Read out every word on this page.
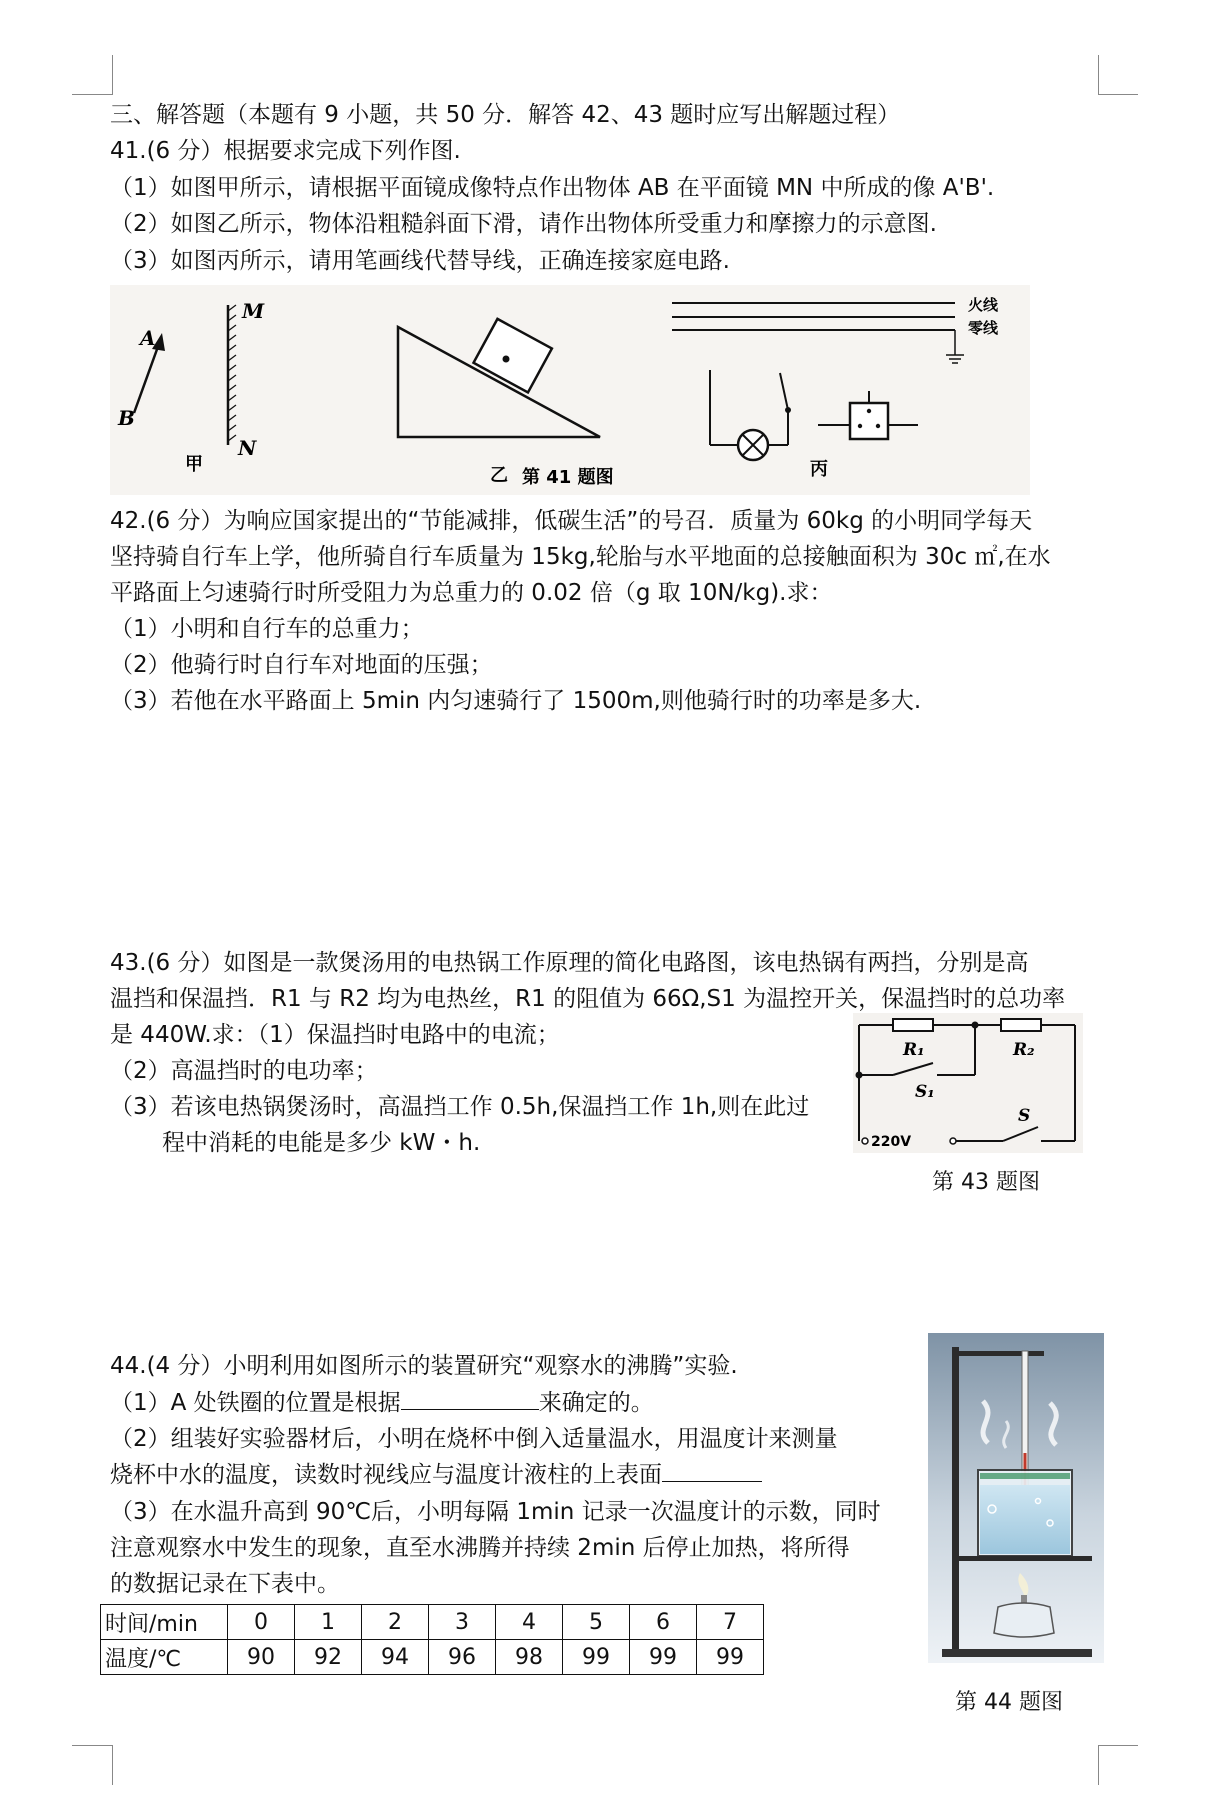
三、解答题（本题有 9 小题，共 50 分．解答 42、43 题时应写出解题过程）
41.(6 分）根据要求完成下列作图.
（1）如图甲所示，请根据平面镜成像特点作出物体 AB 在平面镜 MN 中所成的像 A'B'.
（2）如图乙所示，物体沿粗糙斜面下滑，请作出物体所受重力和摩擦力的示意图.
（3）如图丙所示，请用笔画线代替导线，正确连接家庭电路.
A
B
M
N
甲
乙 第 41 题图
火线
零线
丙
42.(6 分）为响应国家提出的“节能减排，低碳生活”的号召．质量为 60kg 的小明同学每天
坚持骑自行车上学，他所骑自行车质量为 15kg,轮胎与水平地面的总接触面积为 30c ㎡,在水
平路面上匀速骑行时所受阻力为总重力的 0.02 倍（g 取 10N/kg).求：
（1）小明和自行车的总重力；
（2）他骑行时自行车对地面的压强；
（3）若他在水平路面上 5min 内匀速骑行了 1500m,则他骑行时的功率是多大.
43.(6 分）如图是一款煲汤用的电热锅工作原理的简化电路图，该电热锅有两挡，分别是高
温挡和保温挡．R1 与 R2 均为电热丝，R1 的阻值为 66Ω,S1 为温控开关，保温挡时的总功率
是 440W.求：（1）保温挡时电路中的电流；
（2）高温挡时的电功率；
（3）若该电热锅煲汤时，高温挡工作 0.5h,保温挡工作 1h,则在此过
程中消耗的电能是多少 kW・h.
R₁	R₂
S₁
220V
S
第 43 题图
44.(4 分）小明利用如图所示的装置研究“观察水的沸腾”实验.
（1）A 处铁圈的位置是根据	来确定的。
（2）组装好实验器材后，小明在烧杯中倒入适量温水，用温度计来测量
烧杯中水的温度，读数时视线应与温度计液柱的上表面
（3）在水温升高到 90℃后，小明每隔 1min 记录一次温度计的示数，同时
注意观察水中发生的现象，直至水沸腾并持续 2min 后停止加热，将所得
的数据记录在下表中。
时间/min	0	1	2	3	4	5	6	7
温度/℃	90	92	94	96	98	99	99	99
第 44 题图
